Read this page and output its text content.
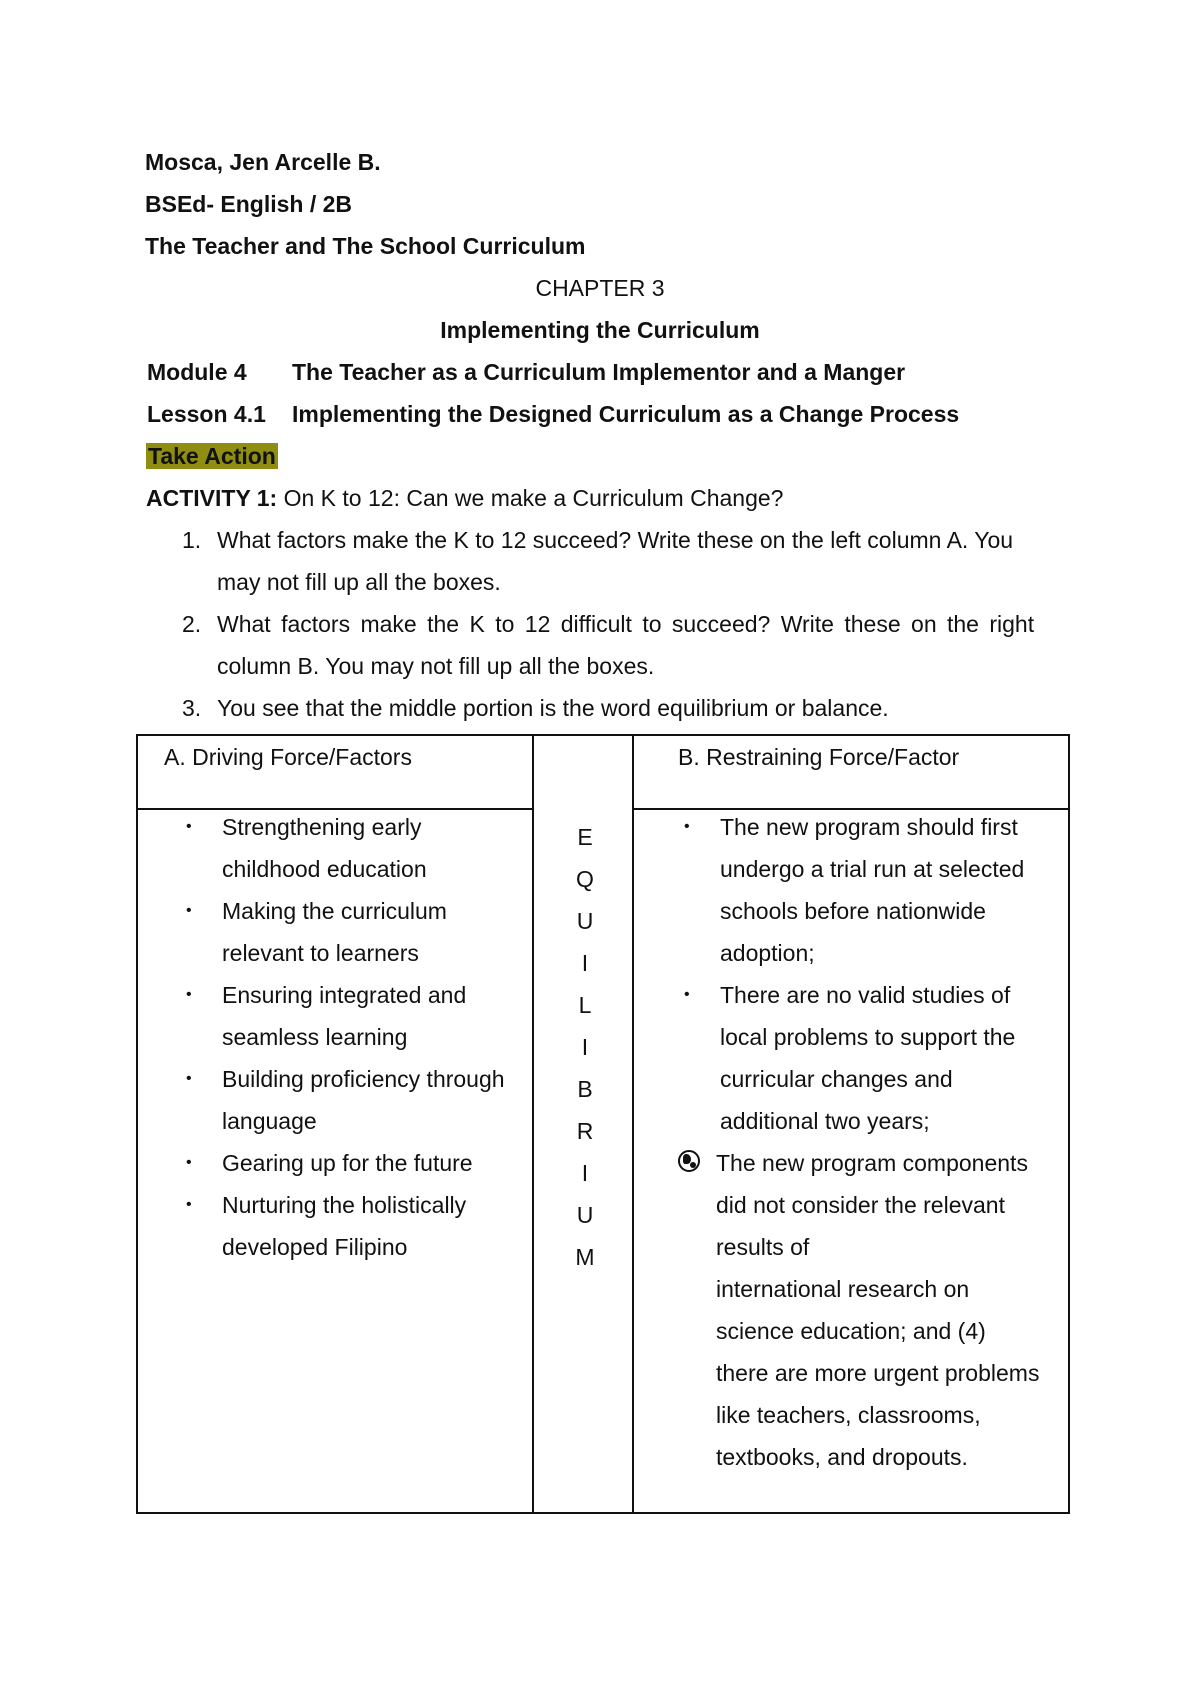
Mosca, Jen Arcelle B.
BSEd- English / 2B
The Teacher and The School Curriculum
CHAPTER 3
Implementing the Curriculum
Module 4 The Teacher as a Curriculum Implementor and a Manger
Lesson 4.1 Implementing the Designed Curriculum as a Change Process
Take Action
ACTIVITY 1: On K to 12: Can we make a Curriculum Change?
1. What factors make the K to 12 succeed? Write these on the left column A. You
may not fill up all the boxes.
2. What factors make the K to 12 difficult to succeed? Write these on the right
column B. You may not fill up all the boxes.
3. You see that the middle portion is the word equilibrium or balance.
A. Driving Force/Factors	B. Restraining Force/Factor
• Strengthening early
childhood education
• Making the curriculum
relevant to learners
• Ensuring integrated and
seamless learning
• Building proficiency through
language
• Gearing up for the future
• Nurturing the holistically
developed Filipino
E
Q
U
I
L
I
B
R
I
U
M
• The new program should first
undergo a trial run at selected
schools before nationwide
adoption;
• There are no valid studies of
local problems to support the
curricular changes and
additional two years;
The new program components
did not consider the relevant
results of
international research on
science education; and (4)
there are more urgent problems
like teachers, classrooms,
textbooks, and dropouts.
